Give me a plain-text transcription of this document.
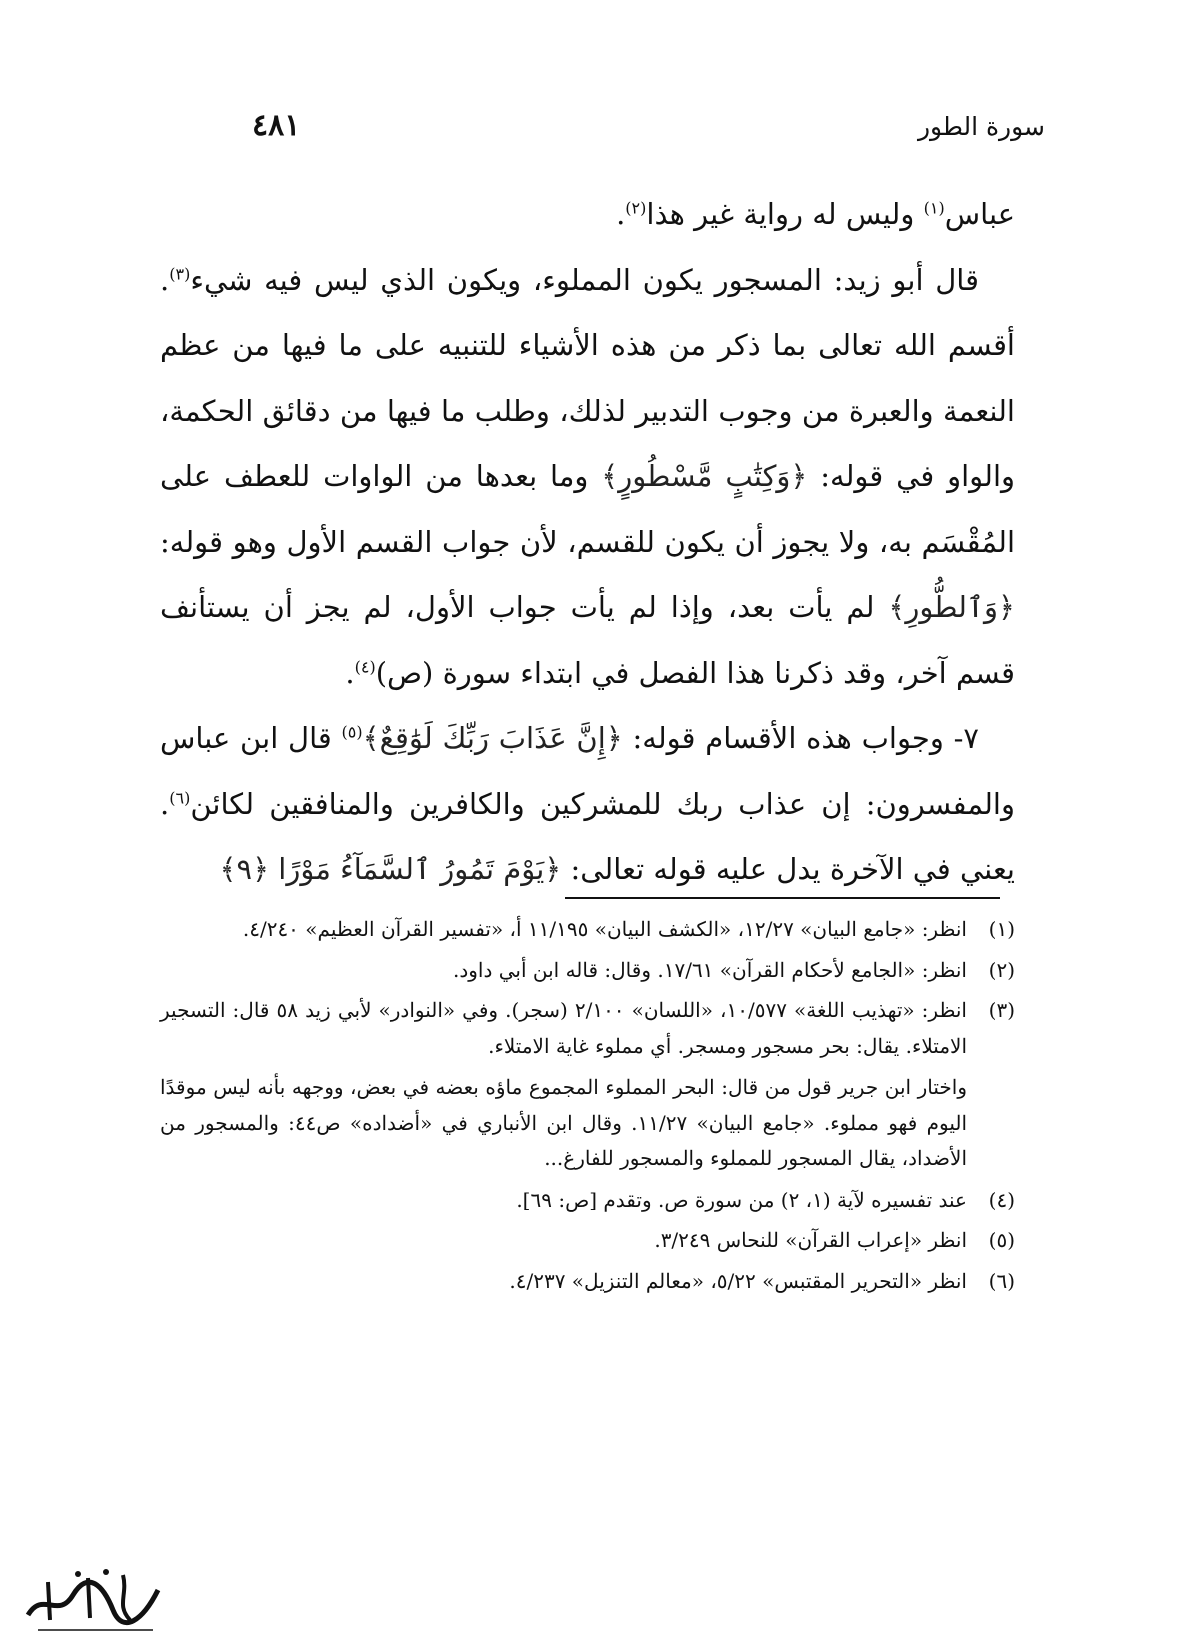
سورة الطور
٤٨١

عباس$^{(١)}$ وليس له رواية غير هذا$^{(٢)}$.

قال أبو زيد: المسجور يكون المملوء، ويكون الذي ليس فيه شيء$^{(٣)}$. أقسم الله تعالى بما ذكر من هذه الأشياء للتنبيه على ما فيها من عظم النعمة والعبرة من وجوب التدبير لذلك، وطلب ما فيها من دقائق الحكمة، والواو في قوله: ﴿وَكِتَٰبٍ مَّسْطُورٍ﴾ وما بعدها من الواوات للعطف على المُقْسَم به، ولا يجوز أن يكون للقسم، لأن جواب القسم الأول وهو قوله: ﴿وَٱلطُّورِ﴾ لم يأت بعد، وإذا لم يأت جواب الأول، لم يجز أن يستأنف قسم آخر، وقد ذكرنا هذا الفصل في ابتداء سورة (ص)$^{(٤)}$.

٧- وجواب هذه الأقسام قوله: ﴿إِنَّ عَذَابَ رَبِّكَ لَوَٰقِعٌ﴾$^{(٥)}$ قال ابن عباس والمفسرون: إن عذاب ربك للمشركين والكافرين والمنافقين لكائن$^{(٦)}$. يعني في الآخرة يدل عليه قوله تعالى: ﴿يَوْمَ تَمُورُ ٱلسَّمَآءُ مَوْرًا ﴿٩﴾

(١)
انظر: «جامع البيان» ١٢/٢٧، «الكشف البيان» ١١/١٩٥ أ، «تفسير القرآن العظيم» ٤/٢٤٠.
(٢)
انظر: «الجامع لأحكام القرآن» ١٧/٦١. وقال: قاله ابن أبي داود.
(٣)
انظر: «تهذيب اللغة» ١٠/٥٧٧، «اللسان» ٢/١٠٠ (سجر). وفي «النوادر» لأبي زيد ٥٨ قال: التسجير الامتلاء. يقال: بحر مسجور ومسجر. أي مملوء غاية الامتلاء.
واختار ابن جرير قول من قال: البحر المملوء المجموع ماؤه بعضه في بعض، ووجهه بأنه ليس موقدًا اليوم فهو مملوء. «جامع البيان» ١١/٢٧. وقال ابن الأنباري في «أضداده» ص٤٤: والمسجور من الأضداد، يقال المسجور للمملوء والمسجور للفارغ...
(٤)
عند تفسيره لآية (١، ٢) من سورة ص. وتقدم [ص: ٦٩].
(٥)
انظر «إعراب القرآن» للنحاس ٣/٢٤٩.
(٦)
انظر «التحرير المقتبس» ٥/٢٢، «معالم التنزيل» ٤/٢٣٧.
